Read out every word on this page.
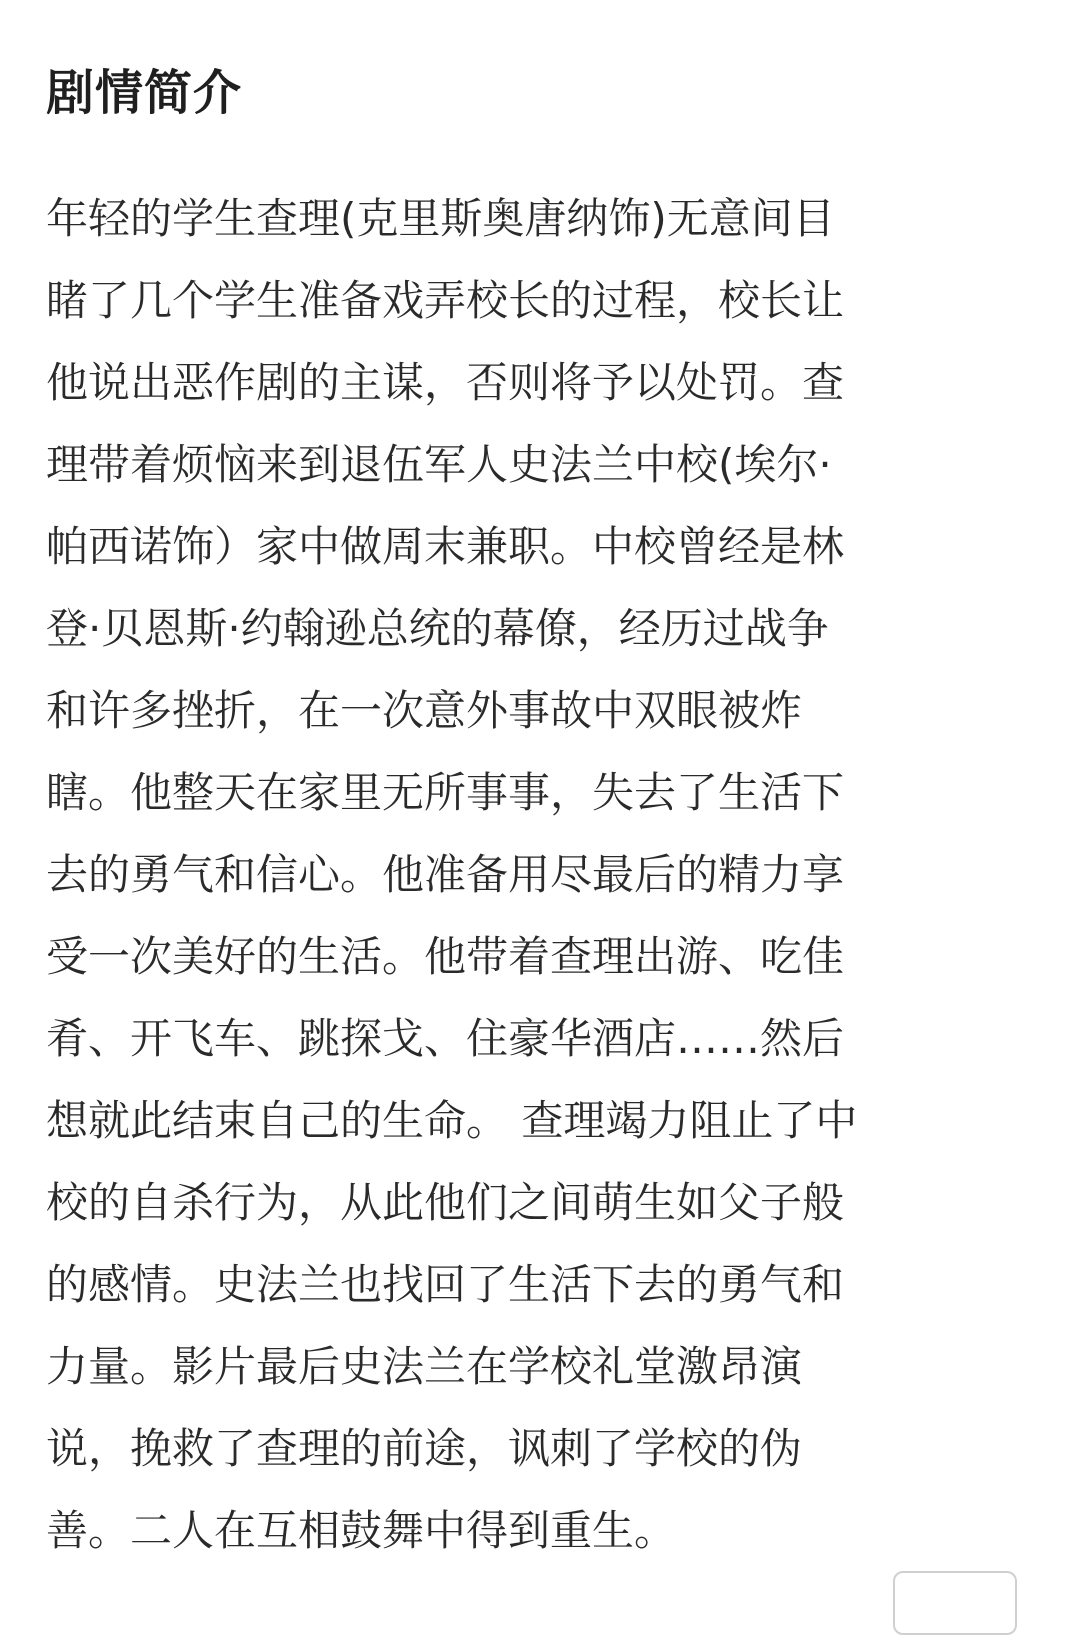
剧情简介
年轻的学生查理(克里斯奥唐纳饰)无意间目
睹了几个学生准备戏弄校长的过程，校长让
他说出恶作剧的主谋，否则将予以处罚。查
理带着烦恼来到退伍军人史法兰中校(埃尔·
帕西诺饰）家中做周末兼职。中校曾经是林
登·贝恩斯·约翰逊总统的幕僚，经历过战争
和许多挫折，在一次意外事故中双眼被炸
瞎。他整天在家里无所事事，失去了生活下
去的勇气和信心。他准备用尽最后的精力享
受一次美好的生活。他带着查理出游、吃佳
肴、开飞车、跳探戈、住豪华酒店……然后
想就此结束自己的生命。 查理竭力阻止了中
校的自杀行为，从此他们之间萌生如父子般
的感情。史法兰也找回了生活下去的勇气和
力量。影片最后史法兰在学校礼堂激昂演
说，挽救了查理的前途，讽刺了学校的伪
善。二人在互相鼓舞中得到重生。
